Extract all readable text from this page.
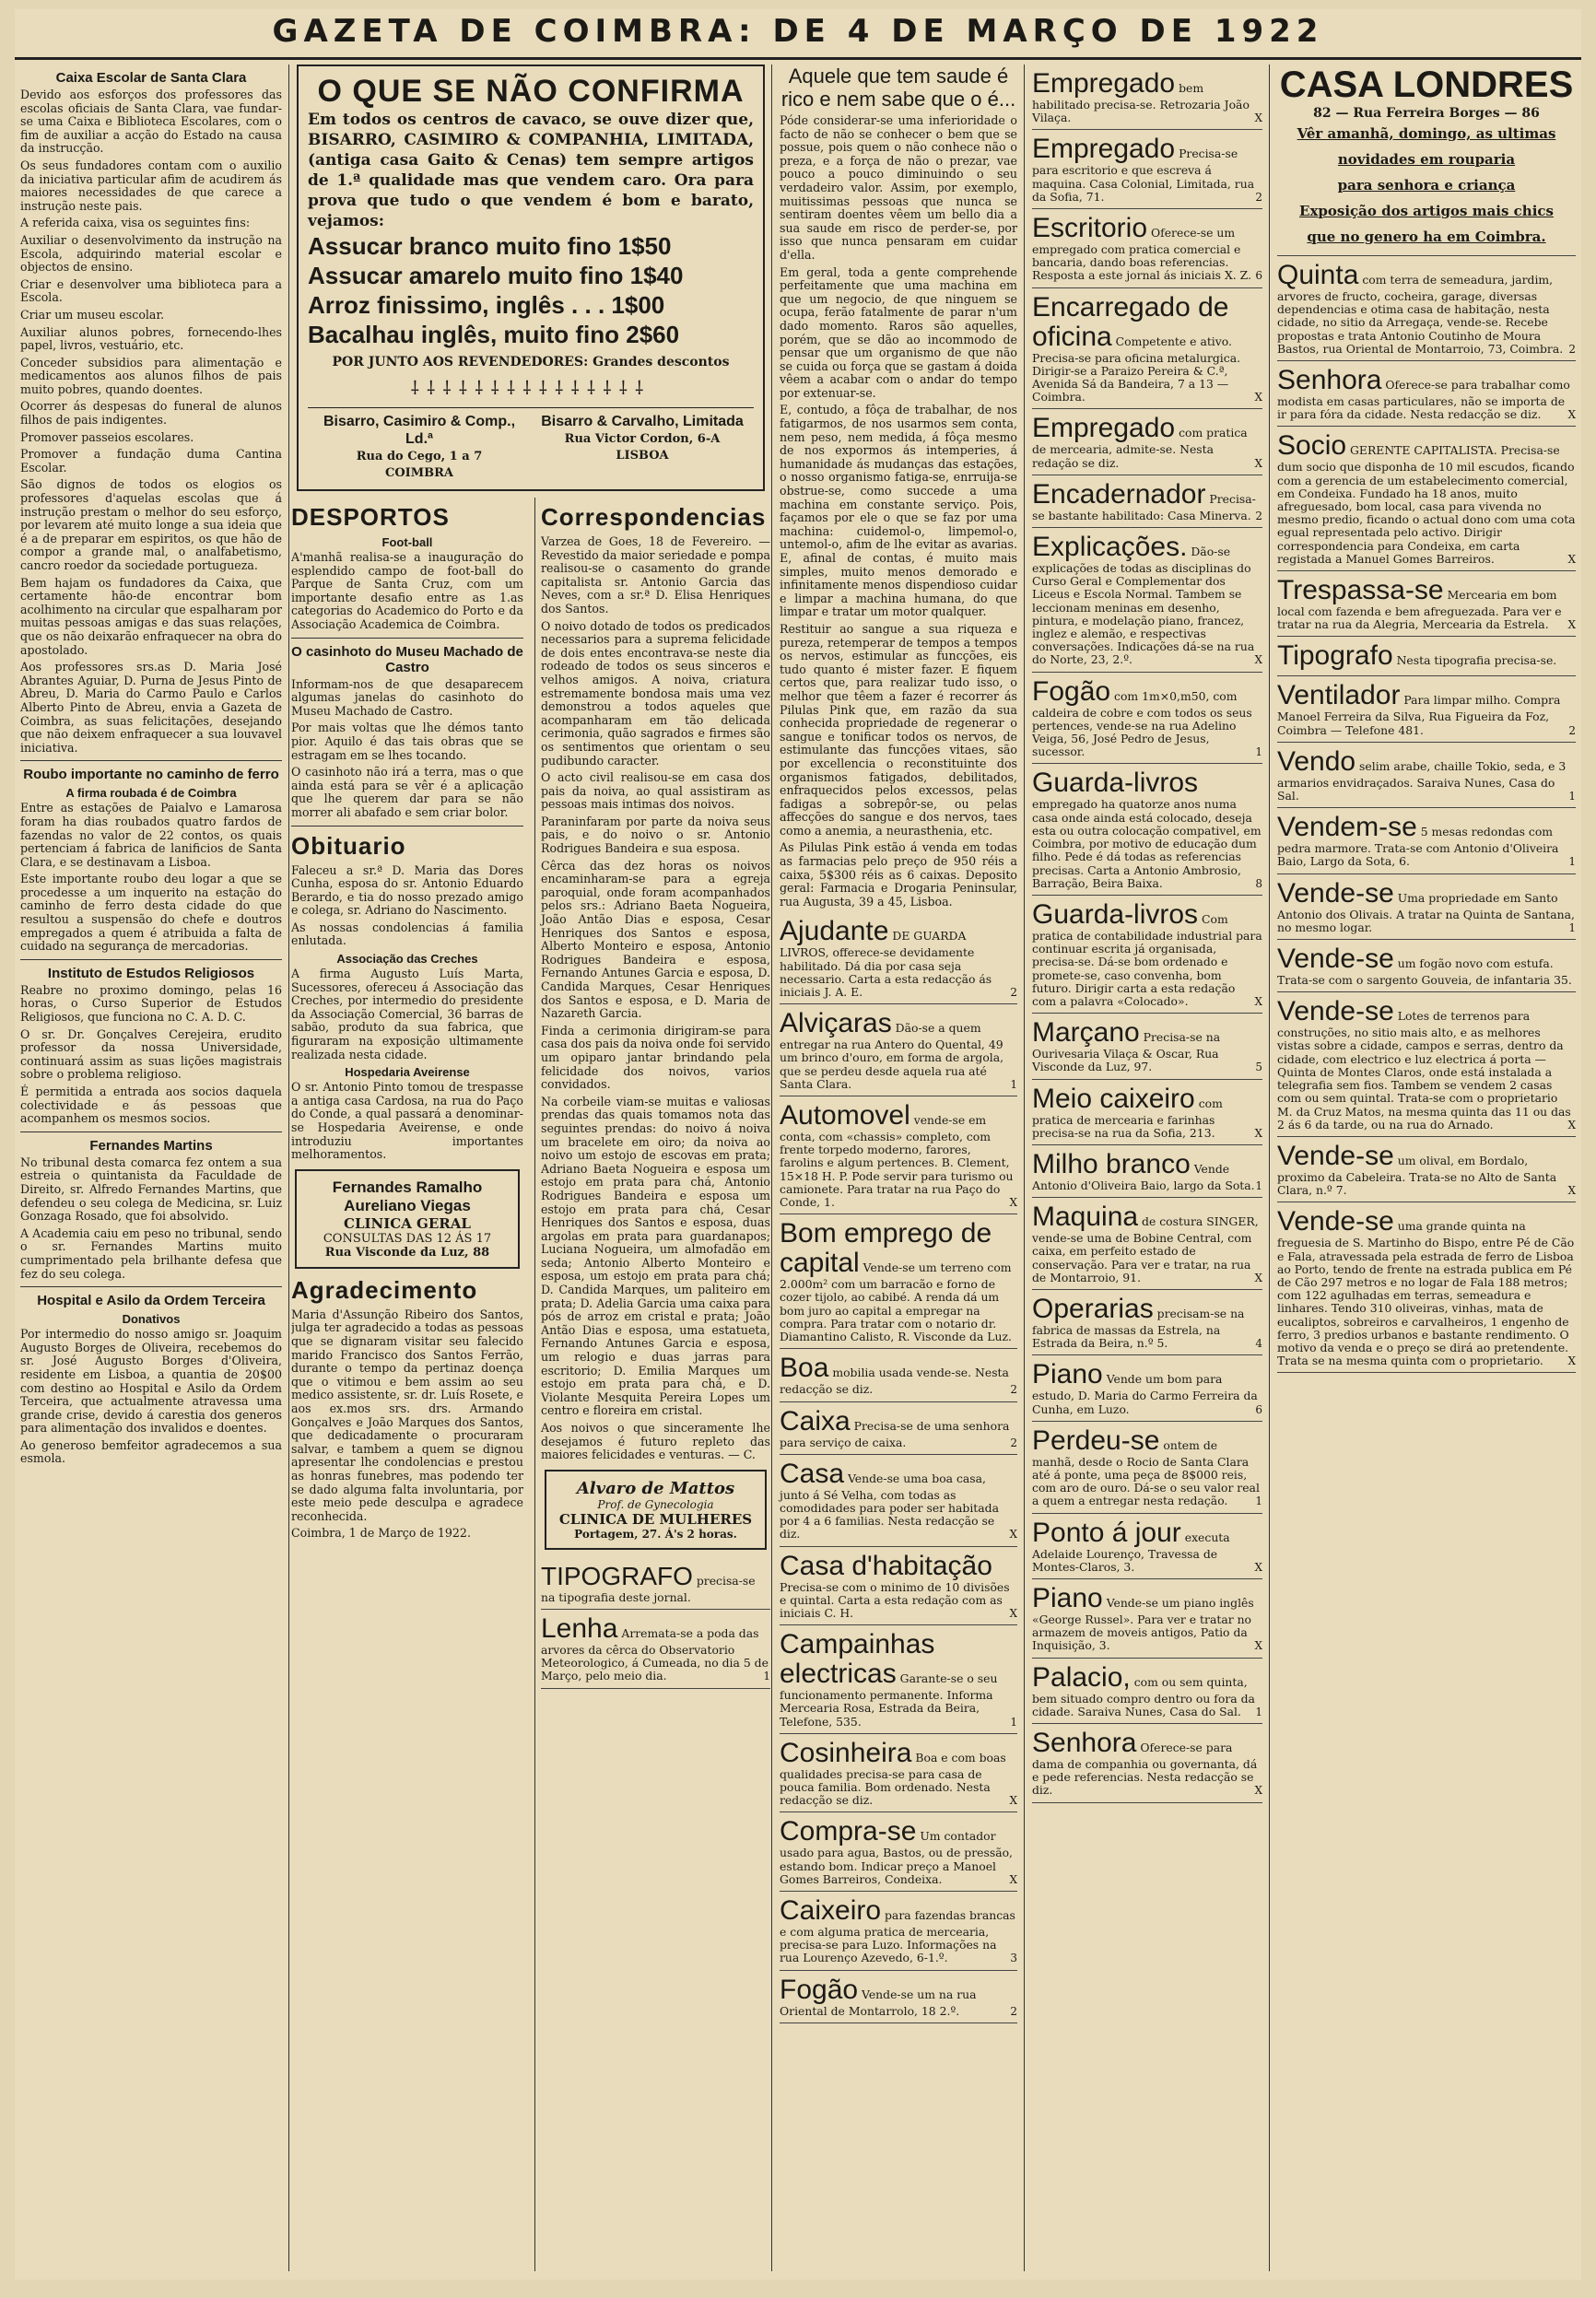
GAZETA DE COIMBRA: DE 4 DE MARÇO DE 1922
Caixa Escolar de Santa Clara

Devido aos esforços dos professores das escolas oficiais de Santa Clara, vae fundar-se uma Caixa e Biblioteca Escolares, com o fim de auxiliar a acção do Estado na causa da instrucção.

Os seus fundadores contam com o auxilio da iniciativa particular afim de acudirem ás maiores necessidades de que carece a instrução neste pais.

A referida caixa, visa os seguintes fins:

Auxiliar o desenvolvimento da instrução na Escola, adquirindo material escolar e objectos de ensino.

Criar e desenvolver uma biblioteca para a Escola.

Criar um museu escolar.

Auxiliar alunos pobres, fornecendo-lhes papel, livros, vestuário, etc.

Conceder subsidios para alimentação e medicamentos aos alunos filhos de pais muito pobres, quando doentes.

Ocorrer ás despesas do funeral de alunos filhos de pais indigentes.

Promover passeios escolares.

Promover a fundação duma Cantina Escolar.

São dignos de todos os elogios os professores d'aquelas escolas que á instrução prestam o melhor do seu esforço, por levarem até muito longe a sua ideia que é a de preparar em espiritos, os que hão de compor a grande mal, o analfabetismo, cancro roedor da sociedade portugueza.

Bem hajam os fundadores da Caixa, que certamente hão-de encontrar bom acolhimento na circular que espalharam por muitas pessoas amigas e das suas relações, que os não deixarão enfraquecer na obra do apostolado.

Aos professores srs.as D. Maria José Abrantes Aguiar, D. Purna de Jesus Pinto de Abreu, D. Maria do Carmo Paulo e Carlos Alberto Pinto de Abreu, envia a Gazeta de Coimbra, as suas felicitações, desejando que não deixem enfraquecer a sua louvavel iniciativa.

Roubo importante no caminho de ferro
A firma roubada é de Coimbra

Entre as estações de Paialvo e Lamarosa foram ha dias roubados quatro fardos de fazendas no valor de 22 contos, os quais pertenciam á fabrica de lanificios de Santa Clara, e se destinavam a Lisboa.

Este importante roubo deu logar a que se procedesse a um inquerito na estação do caminho de ferro desta cidade do que resultou a suspensão do chefe e doutros empregados a quem é atribuida a falta de cuidado na segurança de mercadorias.

Instituto de Estudos Religiosos

Reabre no proximo domingo, pelas 16 horas, o Curso Superior de Estudos Religiosos, que funciona no C. A. D. C.

O sr. Dr. Gonçalves Cerejeira, erudito professor da nossa Universidade, continuará assim as suas lições magistrais sobre o problema religioso.

É permitida a entrada aos socios daquela colectividade e ás pessoas que acompanhem os mesmos socios.

Fernandes Martins

No tribunal desta comarca fez ontem a sua estreia o quintanista da Faculdade de Direito, sr. Alfredo Fernandes Martins, que defendeu o seu colega de Medicina, sr. Luiz Gonzaga Rosado, que foi absolvido.

A Academia caiu em peso no tribunal, sendo o sr. Fernandes Martins muito cumprimentado pela brilhante defesa que fez do seu colega.

Hospital e Asilo da Ordem Terceira
Donativos

Por intermedio do nosso amigo sr. Joaquim Augusto Borges de Oliveira, recebemos do sr. José Augusto Borges d'Oliveira, residente em Lisboa, a quantia de 20$00 com destino ao Hospital e Asilo da Ordem Terceira, que actualmente atravessa uma grande crise, devido á carestia dos generos para alimentação dos invalidos e doentes.

Ao generoso bemfeitor agradecemos a sua esmola.

O QUE SE NÃO CONFIRMA
Em todos os centros de cavaco, se ouve dizer que, BISARRO, CASIMIRO & COMPANHIA, LIMITADA, (antiga casa Gaito & Cenas) tem sempre artigos de 1.ª qualidade mas que vendem caro. Ora para prova que tudo o que vendem é bom e barato, vejamos:
Assucar branco muito fino 1$50
Assucar amarelo muito fino 1$40
Arroz finissimo, inglês . . . 1$00
Bacalhau inglês, muito fino 2$60
POR JUNTO AOS REVENDEDORES: Grandes descontos
⸸⸸⸸⸸⸸⸸⸸⸸⸸⸸⸸⸸⸸⸸⸸
Bisarro, Casimiro & Comp., Ld.ª
Rua do Cego, 1 a 7
COIMBRA
Bisarro & Carvalho, Limitada
Rua Victor Cordon, 6-A
LISBOA
DESPORTOS
Foot-ball

A'manhã realisa-se a inauguração do esplendido campo de foot-ball do Parque de Santa Cruz, com um importante desafio entre as 1.as categorias do Academico do Porto e da Associação Academica de Coimbra.

O casinhoto do Museu Machado de Castro

Informam-nos de que desaparecem algumas janelas do casinhoto do Museu Machado de Castro.

Por mais voltas que lhe démos tanto pior. Aquilo é das tais obras que se estragam em se lhes tocando.

O casinhoto não irá a terra, mas o que ainda está para se vêr é a aplicação que lhe querem dar para se não morrer ali abafado e sem criar bolor.

Obituario

Faleceu a sr.ª D. Maria das Dores Cunha, esposa do sr. Antonio Eduardo Berardo, e tia do nosso prezado amigo e colega, sr. Adriano do Nascimento.

As nossas condolencias á familia enlutada.

Associação das Creches

A firma Augusto Luís Marta, Sucessores, ofereceu á Associação das Creches, por intermedio do presidente da Associação Comercial, 36 barras de sabão, produto da sua fabrica, que figuraram na exposição ultimamente realizada nesta cidade.

Hospedaria Aveirense

O sr. Antonio Pinto tomou de trespasse a antiga casa Cardosa, na rua do Paço do Conde, a qual passará a denominar-se Hospedaria Aveirense, e onde introduziu importantes melhoramentos.

Fernandes Ramalho
Aureliano Viegas
CLINICA GERAL
CONSULTAS DAS 12 ÁS 17
Rua Visconde da Luz, 88
Agradecimento

Maria d'Assunção Ribeiro dos Santos, julga ter agradecido a todas as pessoas que se dignaram visitar seu falecido marido Francisco dos Santos Ferrão, durante o tempo da pertinaz doença que o vitimou e bem assim ao seu medico assistente, sr. dr. Luís Rosete, e aos ex.mos srs. drs. Armando Gonçalves e João Marques dos Santos, que dedicadamente o procuraram salvar, e tambem a quem se dignou apresentar lhe condolencias e prestou as honras funebres, mas podendo ter se dado alguma falta involuntaria, por este meio pede desculpa e agradece reconhecida.

Coimbra, 1 de Março de 1922.

Correspondencias

Varzea de Goes, 18 de Fevereiro. — Revestido da maior seriedade e pompa realisou-se o casamento do grande capitalista sr. Antonio Garcia das Neves, com a sr.ª D. Elisa Henriques dos Santos.

O noivo dotado de todos os predicados necessarios para a suprema felicidade de dois entes encontrava-se neste dia rodeado de todos os seus sinceros e velhos amigos. A noiva, criatura estremamente bondosa mais uma vez demonstrou a todos aqueles que acompanharam em tão delicada cerimonia, quão sagrados e firmes são os sentimentos que orientam o seu pudibundo caracter.

O acto civil realisou-se em casa dos pais da noiva, ao qual assistiram as pessoas mais intimas dos noivos.

Paraninfaram por parte da noiva seus pais, e do noivo o sr. Antonio Rodrigues Bandeira e sua esposa.

Cêrca das dez horas os noivos encaminharam-se para a egreja paroquial, onde foram acompanhados pelos srs.: Adriano Baeta Nogueira, João Antão Dias e esposa, Cesar Henriques dos Santos e esposa, Alberto Monteiro e esposa, Antonio Rodrigues Bandeira e esposa, Fernando Antunes Garcia e esposa, D. Candida Marques, Cesar Henriques dos Santos e esposa, e D. Maria de Nazareth Garcia.

Finda a cerimonia dirigiram-se para casa dos pais da noiva onde foi servido um opiparo jantar brindando pela felicidade dos noivos, varios convidados.

Na corbeile viam-se muitas e valiosas prendas das quais tomamos nota das seguintes prendas: do noivo á noiva um bracelete em oiro; da noiva ao noivo um estojo de escovas em prata; Adriano Baeta Nogueira e esposa um estojo em prata para chá, Antonio Rodrigues Bandeira e esposa um estojo em prata para chá, Cesar Henriques dos Santos e esposa, duas argolas em prata para guardanapos; Luciana Nogueira, um almofadão em seda; Antonio Alberto Monteiro e esposa, um estojo em prata para chá; D. Candida Marques, um paliteiro em prata; D. Adelia Garcia uma caixa para pós de arroz em cristal e prata; João Antão Dias e esposa, uma estatueta, Fernando Antunes Garcia e esposa, um relogio e duas jarras para escritorio; D. Emilia Marques um estojo em prata para chá, e D. Violante Mesquita Pereira Lopes um centro e floreira em cristal.

Aos noivos o que sinceramente lhe desejamos é futuro repleto das maiores felicidades e venturas. — C.

Alvaro de Mattos
Prof. de Gynecologia
CLINICA DE MULHERES
Portagem, 27. Á's 2 horas.
TIPOGRAFO precisa-se na tipografia deste jornal.
Lenha Arremata-se a poda das arvores da cêrca do Observatorio Meteorologico, á Cumeada, no dia 5 de Março, pelo meio dia.	1
Aquele que tem saude é rico e nem sabe que o é...

Póde considerar-se uma inferioridade o facto de não se conhecer o bem que se possue, pois quem o não conhece não o preza, e a força de não o prezar, vae pouco a pouco diminuindo o seu verdadeiro valor. Assim, por exemplo, muitissimas pessoas que nunca se sentiram doentes vêem um bello dia a sua saude em risco de perder-se, por isso que nunca pensaram em cuidar d'ella.

Em geral, toda a gente comprehende perfeitamente que uma machina em que um negocio, de que ninguem se ocupa, ferão fatalmente de parar n'um dado momento. Raros são aquelles, porém, que se dão ao incommodo de pensar que um organismo de que não se cuida ou força que se gastam á doida vêem a acabar com o andar do tempo por extenuar-se.

E, contudo, a fôça de trabalhar, de nos fatigarmos, de nos usarmos sem conta, nem peso, nem medida, á fôça mesmo de nos expormos ás intemperies, á humanidade ás mudanças das estações, o nosso organismo fatiga-se, enrruija-se obstrue-se, como succede a uma machina em constante serviço. Pois, façamos por ele o que se faz por uma machina: cuidemol-o, limpemol-o, untemol-o, afim de lhe evitar as avarias. E, afinal de contas, é muito mais simples, muito menos demorado e infinitamente menos dispendioso cuidar e limpar a machina humana, do que limpar e tratar um motor qualquer.

Restituir ao sangue a sua riqueza e pureza, retemperar de tempos a tempos os nervos, estimular as funcções, eis tudo quanto é mister fazer. E fiquem certos que, para realizar tudo isso, o melhor que têem a fazer é recorrer ás Pilulas Pink que, em razão da sua conhecida propriedade de regenerar o sangue e tonificar todos os nervos, de estimulante das funcções vitaes, são por excellencia o reconstituinte dos organismos fatigados, debilitados, enfraquecidos pelos excessos, pelas fadigas a sobrepôr-se, ou pelas affecções do sangue e dos nervos, taes como a anemia, a neurasthenia, etc.

As Pilulas Pink estão á venda em todas as farmacias pelo preço de 950 réis a caixa, 5$300 réis as 6 caixas. Deposito geral: Farmacia e Drogaria Peninsular, rua Augusta, 39 a 45, Lisboa.

Ajudante DE GUARDA LIVROS, offerece-se devidamente habilitado. Dá dia por casa seja necessario. Carta a esta redacção ás iniciais J. A. E.	2
Alviçaras Dão-se a quem entregar na rua Antero do Quental, 49 um brinco d'ouro, em forma de argola, que se perdeu desde aquela rua até Santa Clara.	1
Automovel vende-se em conta, com «chassis» completo, com frente torpedo moderno, farores, farolins e algum pertences. B. Clement, 15×18 H. P. Pode servir para turismo ou camionete. Para tratar na rua Paço do Conde, 1.	X
Bom emprego de capital Vende-se um terreno com 2.000m² com um barracão e forno de cozer tijolo, ao cabibé. A renda dá um bom juro ao capital a empregar na compra. Para tratar com o notario dr. Diamantino Calisto, R. Visconde da Luz.
Boa mobilia usada vende-se. Nesta redacção se diz.	2
Caixa Precisa-se de uma senhora para serviço de caixa.	2
Casa Vende-se uma boa casa, junto á Sé Velha, com todas as comodidades para poder ser habitada por 4 a 6 familias. Nesta redacção se diz.	X
Casa d'habitação Precisa-se com o minimo de 10 divisões e quintal. Carta a esta redação com as iniciais C. H.	X
Campainhas electricas Garante-se o seu funcionamento permanente. Informa Mercearia Rosa, Estrada da Beira, Telefone, 535.	1
Cosinheira Boa e com boas qualidades precisa-se para casa de pouca familia. Bom ordenado. Nesta redacção se diz.	X
Compra-se Um contador usado para agua, Bastos, ou de pressão, estando bom. Indicar preço a Manoel Gomes Barreiros, Condeixa.	X
Caixeiro para fazendas brancas e com alguma pratica de mercearia, precisa-se para Luzo. Informações na rua Lourenço Azevedo, 6-1.º.	3
Fogão Vende-se um na rua Oriental de Montarrolo, 18 2.º.	2
Empregado bem habilitado precisa-se. Retrozaria João Vilaça.	X
Empregado Precisa-se para escritorio e que escreva á maquina. Casa Colonial, Limitada, rua da Sofia, 71.	2
Escritorio Oferece-se um empregado com pratica comercial e bancaria, dando boas referencias. Resposta a este jornal ás iniciais X. Z. 6
Encarregado de oficina Competente e ativo. Precisa-se para oficina metalurgica. Dirigir-se a Paraizo Pereira & C.ª, Avenida Sá da Bandeira, 7 a 13 — Coimbra.	X
Empregado com pratica de mercearia, admite-se. Nesta redação se diz.	X
Encadernador Precisa-se bastante habilitado: Casa Minerva. 2
Explicações. Dão-se explicações de todas as disciplinas do Curso Geral e Complementar dos Liceus e Escola Normal. Tambem se leccionam meninas em desenho, pintura, e modelação piano, francez, inglez e alemão, e respectivas conversações. Indicações dá-se na rua do Norte, 23, 2.º.	X
Fogão com 1m×0,m50, com caldeira de cobre e com todos os seus pertences, vende-se na rua Adelino Veiga, 56, José Pedro de Jesus, sucessor.	1
Guarda-livros empregado ha quatorze anos numa casa onde ainda está colocado, deseja esta ou outra colocação compativel, em Coimbra, por motivo de educação dum filho. Pede é dá todas as referencias precisas. Carta a Antonio Ambrosio, Barração, Beira Baixa.	8
Guarda-livros Com pratica de contabilidade industrial para continuar escrita já organisada, precisa-se. Dá-se bom ordenado e promete-se, caso convenha, bom futuro. Dirigir carta a esta redação com a palavra «Colocado».	X
Marçano Precisa-se na Ourivesaria Vilaça & Oscar, Rua Visconde da Luz, 97.	5
Meio caixeiro com pratica de mercearia e farinhas precisa-se na rua da Sofia, 213.	X
Milho branco Vende Antonio d'Oliveira Baio, largo da Sota. 1
Maquina de costura SINGER, vende-se uma de Bobine Central, com caixa, em perfeito estado de conservação. Para ver e tratar, na rua de Montarroio, 91.	X
Operarias precisam-se na fabrica de massas da Estrela, na Estrada da Beira, n.º 5.	4
Piano Vende um bom para estudo, D. Maria do Carmo Ferreira da Cunha, em Luzo.	6
Perdeu-se ontem de manhã, desde o Rocio de Santa Clara até á ponte, uma peça de 8$000 reis, com aro de ouro. Dá-se o seu valor real a quem a entregar nesta redação. 1
Ponto á jour executa Adelaide Lourenço, Travessa de Montes-Claros, 3.	X
Piano Vende-se um piano inglês «George Russel». Para ver e tratar no armazem de moveis antigos, Patio da Inquisição, 3.	X
Palacio, com ou sem quinta, bem situado compro dentro ou fora da cidade. Saraiva Nunes, Casa do Sal. 1
Senhora Oferece-se para dama de companhia ou governanta, dá e pede referencias. Nesta redacção se diz.	X
CASA LONDRES
82 — Rua Ferreira Borges — 86
Vêr amanhã, domingo, as ultimas
novidades em rouparia
para senhora e criança
Exposição dos artigos mais chics
que no genero ha em Coimbra.
Quinta com terra de semeadura, jardim, arvores de fructo, cocheira, garage, diversas dependencias e otima casa de habitação, nesta cidade, no sitio da Arregaça, vende-se. Recebe propostas e trata Antonio Coutinho de Moura Bastos, rua Oriental de Montarroio, 73, Coimbra. 2
Senhora Oferece-se para trabalhar como modista em casas particulares, não se importa de ir para fóra da cidade. Nesta redacção se diz. X
Socio GERENTE CAPITALISTA. Precisa-se dum socio que disponha de 10 mil escudos, ficando com a gerencia de um estabelecimento comercial, em Condeixa. Fundado ha 18 anos, muito afreguesado, bom local, casa para vivenda no mesmo predio, ficando o actual dono com uma cota egual representada pelo activo. Dirigir correspondencia para Condeixa, em carta registada a Manuel Gomes Barreiros.	X
Trespassa-se Mercearia em bom local com fazenda e bem afreguezada. Para ver e tratar na rua da Alegria, Mercearia da Estrela. X
Tipografo Nesta tipografia precisa-se.
Ventilador Para limpar milho. Compra Manoel Ferreira da Silva, Rua Figueira da Foz, Coimbra — Telefone 481.	2
Vendo selim arabe, chaille Tokio, seda, e 3 armarios envidraçados. Saraiva Nunes, Casa do Sal.	1
Vendem-se 5 mesas redondas com pedra marmore. Trata-se com Antonio d'Oliveira Baio, Largo da Sota, 6.	1
Vende-se Uma propriedade em Santo Antonio dos Olivais. A tratar na Quinta de Santana, no mesmo logar.	1
Vende-se um fogão novo com estufa. Trata-se com o sargento Gouveia, de infantaria 35.
Vende-se Lotes de terrenos para construções, no sitio mais alto, e as melhores vistas sobre a cidade, campos e serras, dentro da cidade, com electrico e luz electrica á porta — Quinta de Montes Claros, onde está instalada a telegrafia sem fios. Tambem se vendem 2 casas com ou sem quintal. Trata-se com o proprietario M. da Cruz Matos, na mesma quinta das 11 ou das 2 ás 6 da tarde, ou na rua do Arnado.	X
Vende-se um olival, em Bordalo, proximo da Cabeleira. Trata-se no Alto de Santa Clara, n.º 7.	X
Vende-se uma grande quinta na freguesia de S. Martinho do Bispo, entre Pé de Cão e Fala, atravessada pela estrada de ferro de Lisboa ao Porto, tendo de frente na estrada publica em Pé de Cão 297 metros e no logar de Fala 188 metros; com 122 agulhadas em terras, semeadura e linhares. Tendo 310 oliveiras, vinhas, mata de eucaliptos, sobreiros e carvalheiros, 1 engenho de ferro, 3 predios urbanos e bastante rendimento. O motivo da venda e o preço se dirá ao pretendente. Trata se na mesma quinta com o proprietario. X
